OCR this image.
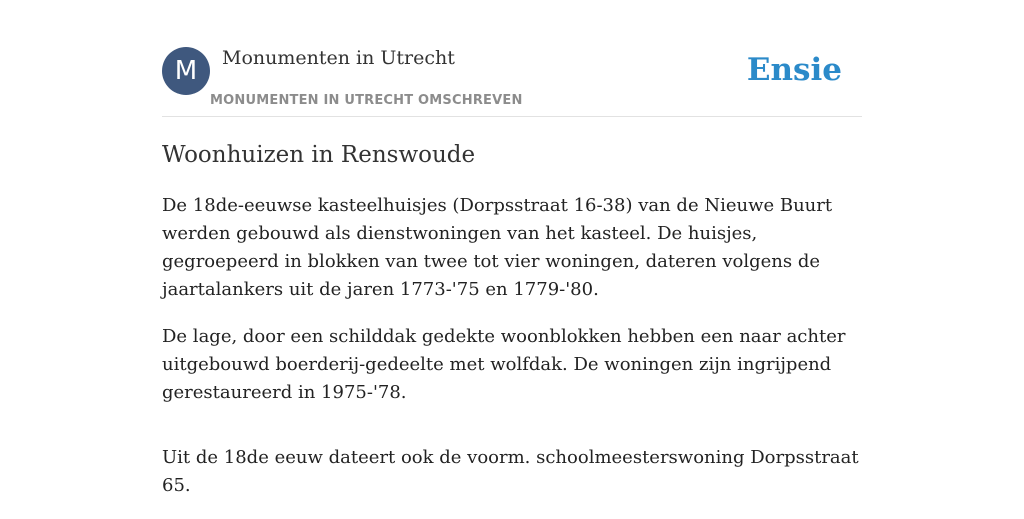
M	Monumenten in Utrecht
MONUMENTEN IN UTRECHT OMSCHREVEN
Ensie
Woonhuizen in Renswoude

De 18de-eeuwse kasteelhuisjes (Dorpsstraat 16-38) van de Nieuwe Buurt werden gebouwd als dienstwoningen van het kasteel. De huisjes, gegroepeerd in blokken van twee tot vier woningen, dateren volgens de jaartalankers uit de jaren 1773-'75 en 1779-'80.

De lage, door een schilddak gedekte woonblokken hebben een naar achter uitgebouwd boerderij-gedeelte met wolfdak. De woningen zijn ingrijpend gerestaureerd in 1975-'78.

Uit de 18de eeuw dateert ook de voorm. schoolmeesterswoning Dorpsstraat 65.
